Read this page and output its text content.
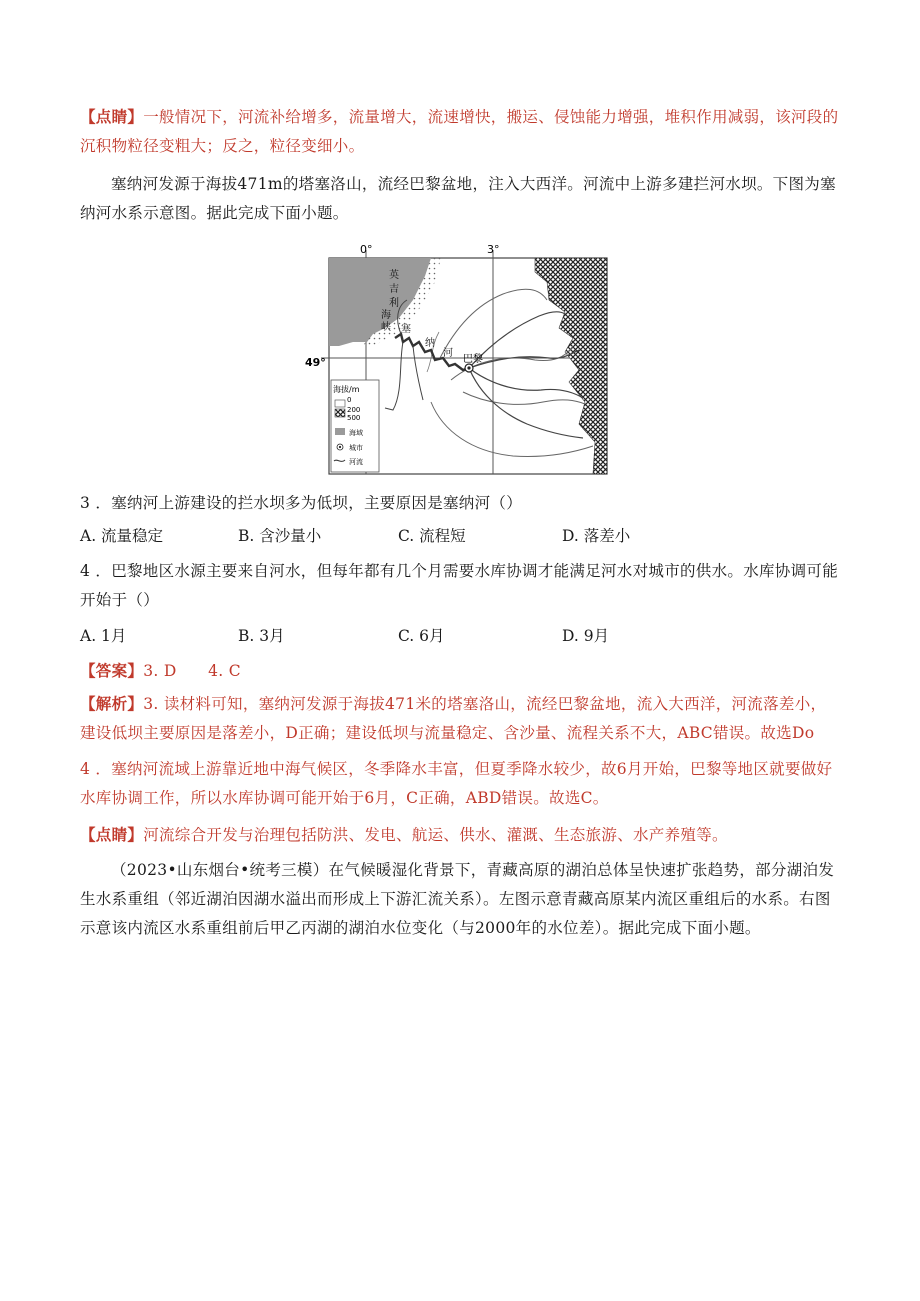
【点睛】一般情况下，河流补给增多，流量增大，流速增快，搬运、侵蚀能力增强，堆积作用减弱，该河段的沉积物粒径变粗大；反之，粒径变细小。
塞纳河发源于海拔471m的塔塞洛山，流经巴黎盆地，注入大西洋。河流中上游多建拦河水坝。下图为塞纳河水系示意图。据此完成下面小题。
0°	3°
49°
英
吉
利
海
峡 塞
纳
河
巴黎
海拔/m
0
200
500
海域
城市
河流
3 ．塞纳河上游建设的拦水坝多为低坝，主要原因是塞纳河（）
A. 流量稳定	B. 含沙量小	C. 流程短	D. 落差小
4 ．巴黎地区水源主要来自河水，但每年都有几个月需要水库协调才能满足河水对城市的供水。水库协调可能开始于（）
A. 1月	B. 3月	C. 6月	D. 9月
【答案】3. D　　4. C
【解析】3. 读材料可知，塞纳河发源于海拔471米的塔塞洛山，流经巴黎盆地，流入大西洋，河流落差小，建设低坝主要原因是落差小，D正确；建设低坝与流量稳定、含沙量、流程关系不大，ABC错误。故选Do
4 ．塞纳河流域上游靠近地中海气候区，冬季降水丰富，但夏季降水较少，故6月开始，巴黎等地区就要做好水库协调工作，所以水库协调可能开始于6月，C正确，ABD错误。故选C。
【点睛】河流综合开发与治理包括防洪、发电、航运、供水、灌溉、生态旅游、水产养殖等。
（2023•山东烟台•统考三模）在气候暖湿化背景下，青藏高原的湖泊总体呈快速扩张趋势，部分湖泊发生水系重组（邻近湖泊因湖水溢出而形成上下游汇流关系）。左图示意青藏高原某内流区重组后的水系。右图示意该内流区水系重组前后甲乙丙湖的湖泊水位变化（与2000年的水位差）。据此完成下面小题。
